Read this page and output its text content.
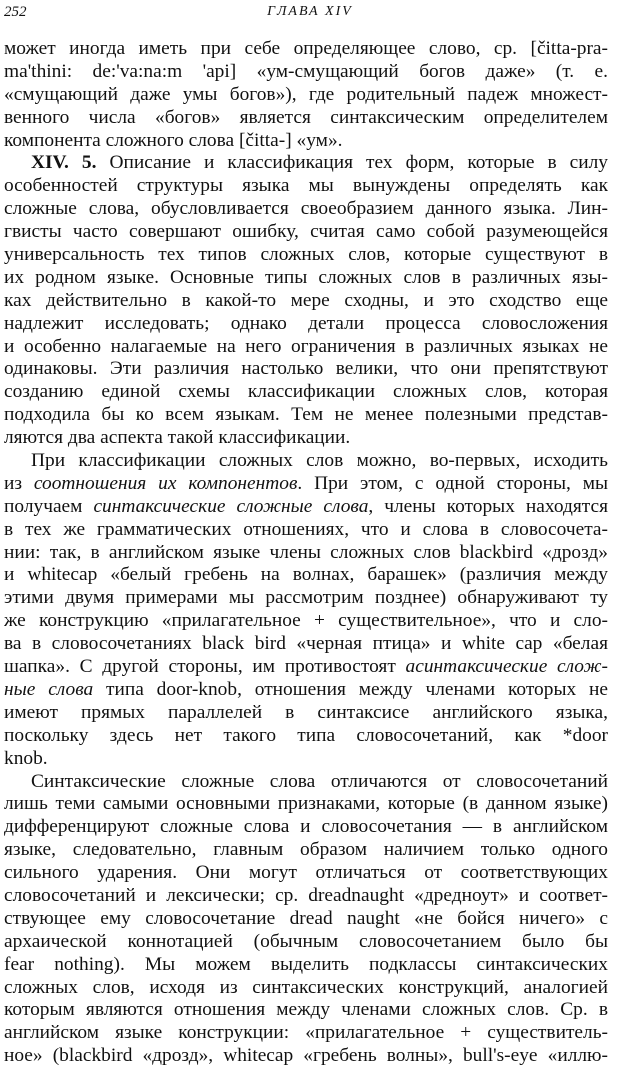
252	ГЛАВА XIV
может иногда иметь при себе определяющее слово, ср. [čitta-pra-
ma'thini: de:'va:na:m 'api] «ум-смущающий богов даже» (т. е.
«смущающий даже умы богов»), где родительный падеж множест-
венного числа «богов» является синтаксическим определителем
компонента сложного слова [čitta-] «ум».
XIV. 5. Описание и классификация тех форм, которые в силу
особенностей структуры языка мы вынуждены определять как
сложные слова, обусловливается своеобразием данного языка. Лин-
гвисты часто совершают ошибку, считая само собой разумеющейся
универсальность тех типов сложных слов, которые существуют в
их родном языке. Основные типы сложных слов в различных язы-
ках действительно в какой-то мере сходны, и это сходство еще
надлежит исследовать; однако детали процесса словосложения
и особенно налагаемые на него ограничения в различных языках не
одинаковы. Эти различия настолько велики, что они препятствуют
созданию единой схемы классификации сложных слов, которая
подходила бы ко всем языкам. Тем не менее полезными представ-
ляются два аспекта такой классификации.
При классификации сложных слов можно, во-первых, исходить
из соотношения их компонентов. При этом, с одной стороны, мы
получаем синтаксические сложные слова, члены которых находятся
в тех же грамматических отношениях, что и слова в словосочета-
нии: так, в английском языке члены сложных слов blackbird «дрозд»
и whitecap «белый гребень на волнах, барашек» (различия между
этими двумя примерами мы рассмотрим позднее) обнаруживают ту
же конструкцию «прилагательное + существительное», что и сло-
ва в словосочетаниях black bird «черная птица» и white cap «белая
шапка». С другой стороны, им противостоят асинтаксические слож-
ные слова типа door-knob, отношения между членами которых не
имеют прямых параллелей в синтаксисе английского языка,
поскольку здесь нет такого типа словосочетаний, как *door
knob.
Синтаксические сложные слова отличаются от словосочетаний
лишь теми самыми основными признаками, которые (в данном языке)
дифференцируют сложные слова и словосочетания — в английском
языке, следовательно, главным образом наличием только одного
сильного ударения. Они могут отличаться от соответствующих
словосочетаний и лексически; ср. dreadnaught «дредноут» и соответ-
ствующее ему словосочетание dread naught «не бойся ничего» с
архаической коннотацией (обычным словосочетанием было бы
fear nothing). Мы можем выделить подклассы синтаксических
сложных слов, исходя из синтаксических конструкций, аналогией
которым являются отношения между членами сложных слов. Ср. в
английском языке конструкции: «прилагательное + существитель-
ное» (blackbird «дрозд», whitecap «гребень волны», bull's-eye «иллю-
